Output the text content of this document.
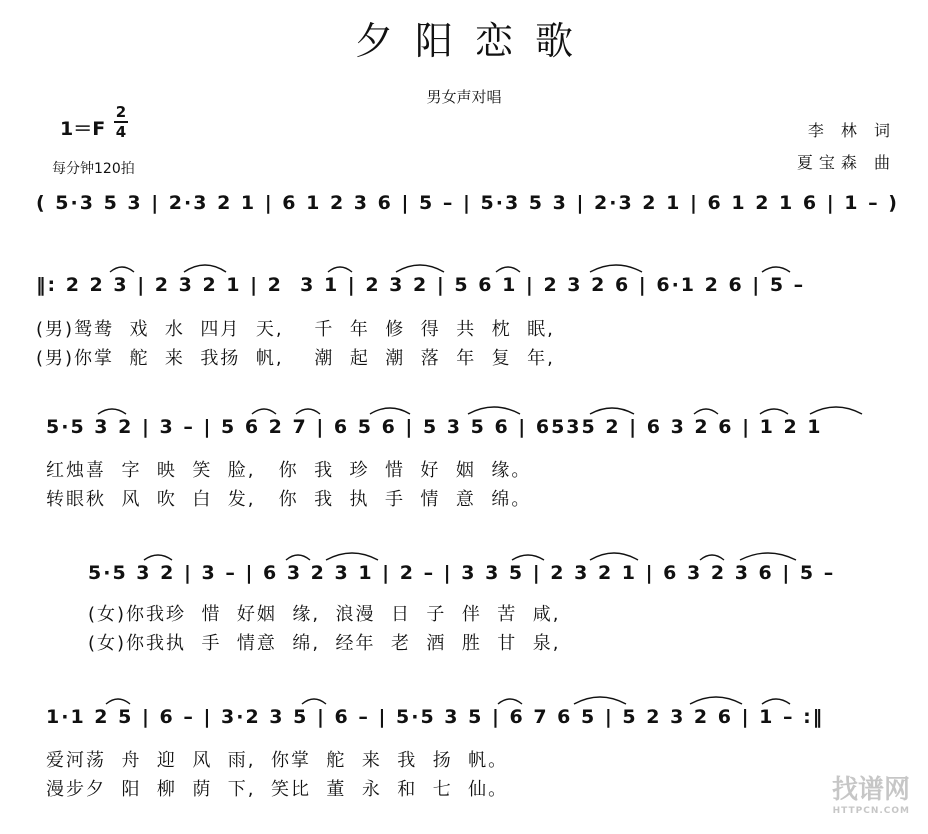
夕阳恋歌
男女声对唱
1＝F
2
4
每分钟120拍
李 林 词
夏宝森 曲
( 5·3 5 3 | 2·3 2 1 | 6 1 2 3 6 | 5 – | 5·3 5 3 | 2·3 2 1 | 6 1 2 1 6 | 1 – )
‖: 2 2 3 | 2 3 2 1 | 2  3 1 | 2 3 2 | 5 6 1 | 2 3 2 6 | 6·1 2 6 | 5 –
(男)鸳鸯  戏  水  四月  天,    千  年  修  得  共  枕  眠,
(男)你掌  舵  来  我扬  帆,    潮  起  潮  落  年  复  年,
5·5 3 2 | 3 – | 5 6 2 7 | 6 5 6 | 5 3 5 6 | 6535 2 | 6 3 2 6 | 1 2 1
红烛喜  字  映  笑  脸,   你  我  珍  惜  好  姻  缘。
转眼秋  风  吹  白  发,   你  我  执  手  情  意  绵。
5·5 3 2 | 3 – | 6 3 2 3 1 | 2 – | 3 3 5 | 2 3 2 1 | 6 3 2 3 6 | 5 –
(女)你我珍  惜  好姻  缘,  浪漫  日  子  伴  苦  咸,
(女)你我执  手  情意  绵,  经年  老  酒  胜  甘  泉,
1·1 2 5 | 6 – | 3·2 3 5 | 6 – | 5·5 3 5 | 6 7 6 5 | 5 2 3 2 6 | 1 – :‖
爱河荡  舟  迎  风  雨,  你掌  舵  来  我  扬  帆。
漫步夕  阳  柳  荫  下,  笑比  董  永  和  七  仙。	找谱网
HTTPCN.COM
